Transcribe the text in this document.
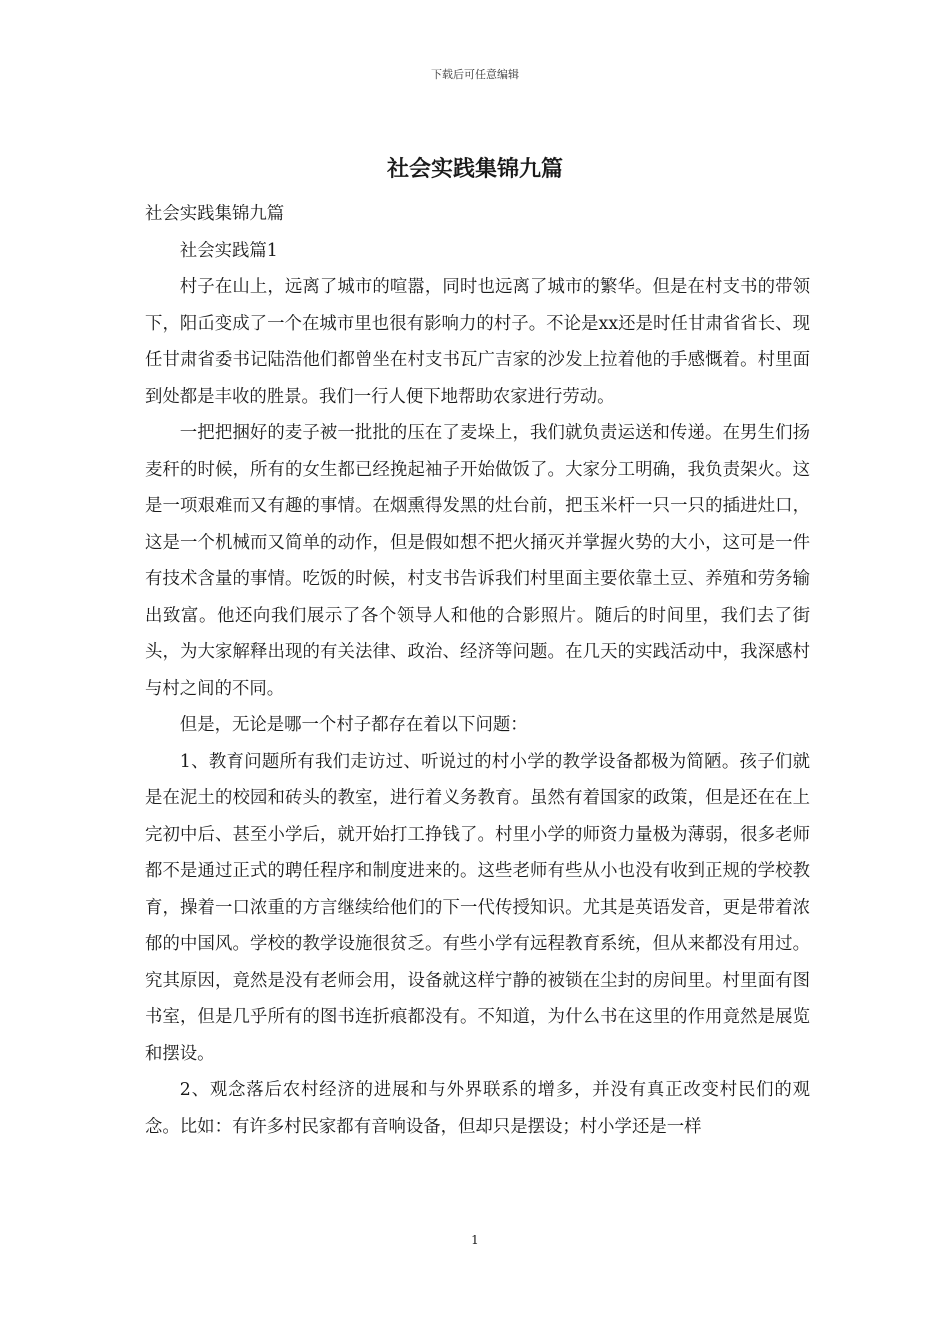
下载后可任意编辑
社会实践集锦九篇

社会实践集锦九篇

社会实践篇1

村子在山上，远离了城市的喧嚣，同时也远离了城市的繁华。但是在村支书的带领下，阳屲变成了一个在城市里也很有影响力的村子。不论是xx还是时任甘肃省省长、现任甘肃省委书记陆浩他们都曾坐在村支书瓦广吉家的沙发上拉着他的手感慨着。村里面到处都是丰收的胜景。我们一行人便下地帮助农家进行劳动。

一把把捆好的麦子被一批批的压在了麦垛上，我们就负责运送和传递。在男生们扬麦秆的时候，所有的女生都已经挽起袖子开始做饭了。大家分工明确，我负责架火。这是一项艰难而又有趣的事情。在烟熏得发黑的灶台前，把玉米杆一只一只的插进灶口，这是一个机械而又简单的动作，但是假如想不把火捅灭并掌握火势的大小，这可是一件有技术含量的事情。吃饭的时候，村支书告诉我们村里面主要依靠土豆、养殖和劳务输出致富。他还向我们展示了各个领导人和他的合影照片。随后的时间里，我们去了街头，为大家解释出现的有关法律、政治、经济等问题。在几天的实践活动中，我深感村与村之间的不同。

但是，无论是哪一个村子都存在着以下问题：

1、教育问题所有我们走访过、听说过的村小学的教学设备都极为简陋。孩子们就是在泥土的校园和砖头的教室，进行着义务教育。虽然有着国家的政策，但是还在在上完初中后、甚至小学后，就开始打工挣钱了。村里小学的师资力量极为薄弱，很多老师都不是通过正式的聘任程序和制度进来的。这些老师有些从小也没有收到正规的学校教育，操着一口浓重的方言继续给他们的下一代传授知识。尤其是英语发音，更是带着浓郁的中国风。学校的教学设施很贫乏。有些小学有远程教育系统，但从来都没有用过。究其原因，竟然是没有老师会用，设备就这样宁静的被锁在尘封的房间里。村里面有图书室，但是几乎所有的图书连折痕都没有。不知道，为什么书在这里的作用竟然是展览和摆设。

2、观念落后农村经济的进展和与外界联系的增多，并没有真正改变村民们的观念。比如：有许多村民家都有音响设备，但却只是摆设；村小学还是一样

1
